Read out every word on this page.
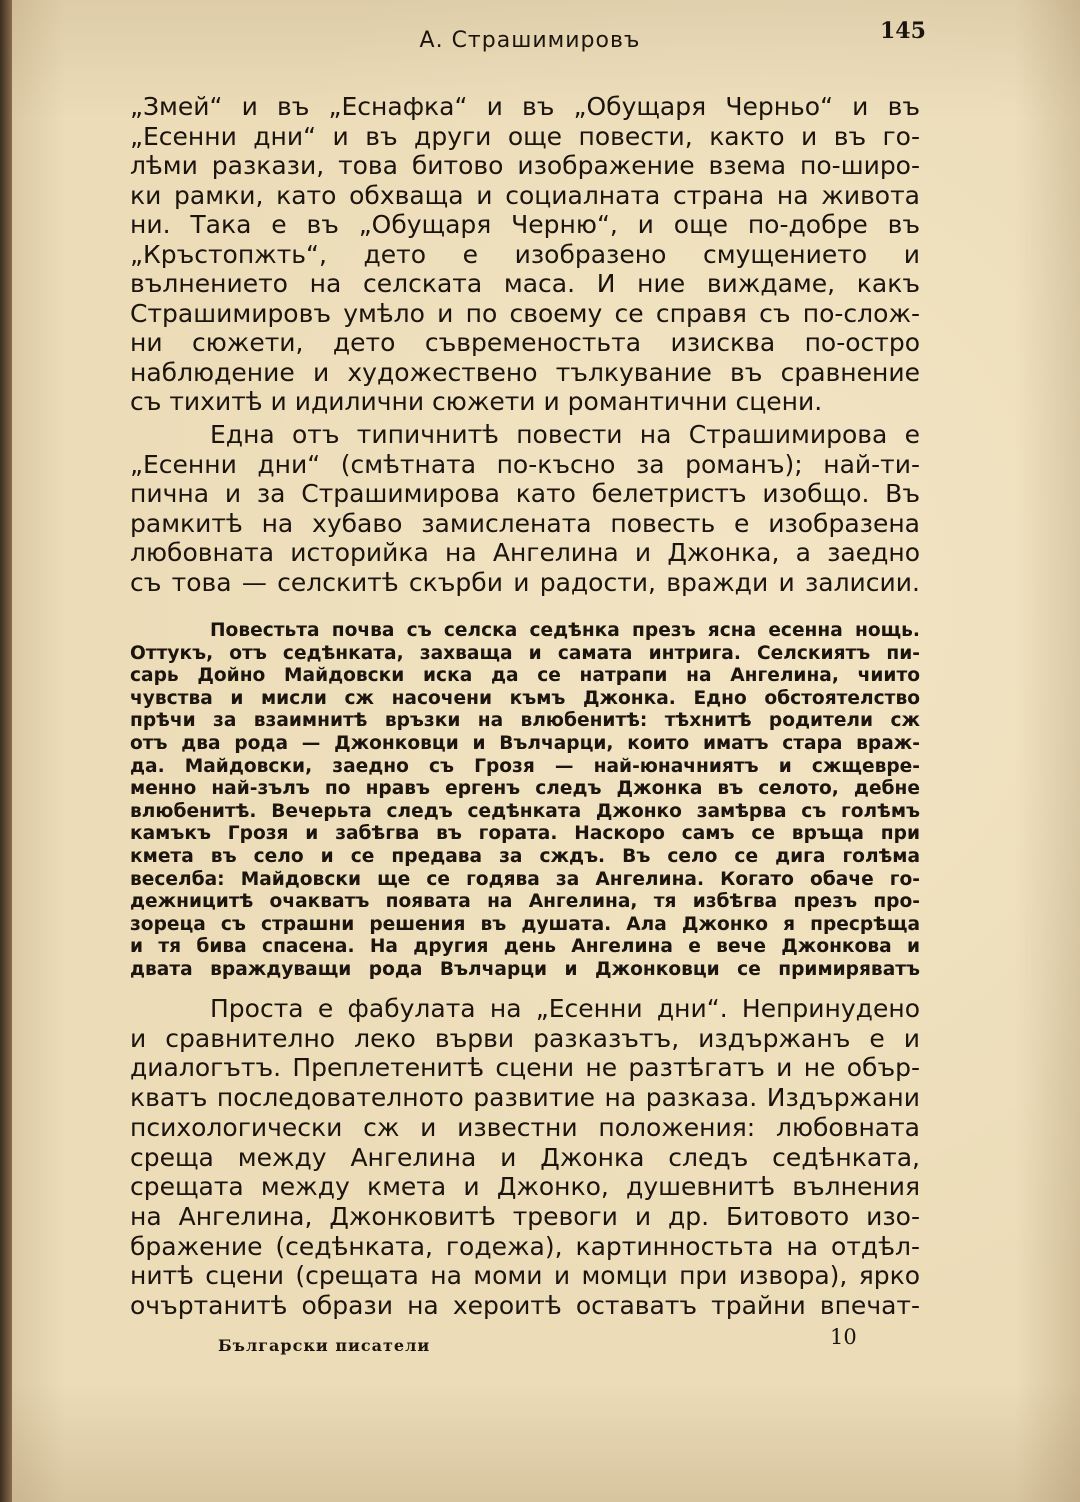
А. Страшимировъ	145
„Змей“ и въ „Еснафка“ и въ „Обущаря Черньо“ и въ
„Есенни дни“ и въ други още повести, както и въ го-
лѣми разкази, това битово изображение взема по-широ-
ки рамки, като обхваща и социалната страна на живота
ни. Така е въ „Обущаря Черню“, и още по-добре въ
„Кръстопжть“, дето е изобразено смущението и
вълнението на селската маса. И ние виждаме, какъ
Страшимировъ умѣло и по своему се справя съ по-слож-
ни сюжети, дето съвременостьта изисква по-остро
наблюдение и художествено тълкувание въ сравнение
съ тихитѣ и идилични сюжети и романтични сцени.
Една отъ типичнитѣ повести на Страшимирова е
„Есенни дни“ (смѣтната по-късно за романъ); най-ти-
пична и за Страшимирова като белетристъ изобщо. Въ
рамкитѣ на хубаво замислената повесть е изобразена
любовната историйка на Ангелина и Джонка, а заедно
съ това — селскитѣ скърби и радости, вражди и залисии.
Повестьта почва съ селска седѣнка презъ ясна есенна нощь.
Оттукъ, отъ седѣнката, захваща и самата интрига. Селскиятъ пи-
сарь Дойно Майдовски иска да се натрапи на Ангелина, чиито
чувства и мисли сж насочени къмъ Джонка. Едно обстоятелство
прѣчи за взаимнитѣ връзки на влюбенитѣ: тѣхнитѣ родители сж
отъ два рода — Джонковци и Вълчарци, които иматъ стара враж-
да. Майдовски, заедно съ Грозя — най-юначниятъ и сжщевре-
менно най-зълъ по нравъ ергенъ следъ Джонка въ селото, дебне
влюбенитѣ. Вечерьта следъ седѣнката Джонко замѣрва съ голѣмъ
камъкъ Грозя и забѣгва въ гората. Наскоро самъ се връща при
кмета въ село и се предава за сждъ. Въ село се дига голѣма
веселба: Майдовски ще се годява за Ангелина. Когато обаче го-
дежницитѣ очакватъ появата на Ангелина, тя избѣгва презъ про-
зореца съ страшни решения въ душата. Ала Джонко я пресрѣща
и тя бива спасена. На другия день Ангелина е вече Джонкова и
двата враждуващи рода Вълчарци и Джонковци се примиряватъ
Проста е фабулата на „Есенни дни“. Непринудено
и сравнително леко върви разказътъ, издържанъ е и
диалогътъ. Преплетенитѣ сцени не разтѣгатъ и не обър-
кватъ последователното развитие на разказа. Издържани
психологически сж и известни положения: любовната
среща между Ангелина и Джонка следъ седѣнката,
срещата между кмета и Джонко, душевнитѣ вълнения
на Ангелина, Джонковитѣ тревоги и др. Битовото изо-
бражение (седѣнката, годежа), картинностьта на отдѣл-
нитѣ сцени (срещата на моми и момци при извора), ярко
очъртанитѣ образи на хероитѣ оставатъ трайни впечат-
Български писатели	10
